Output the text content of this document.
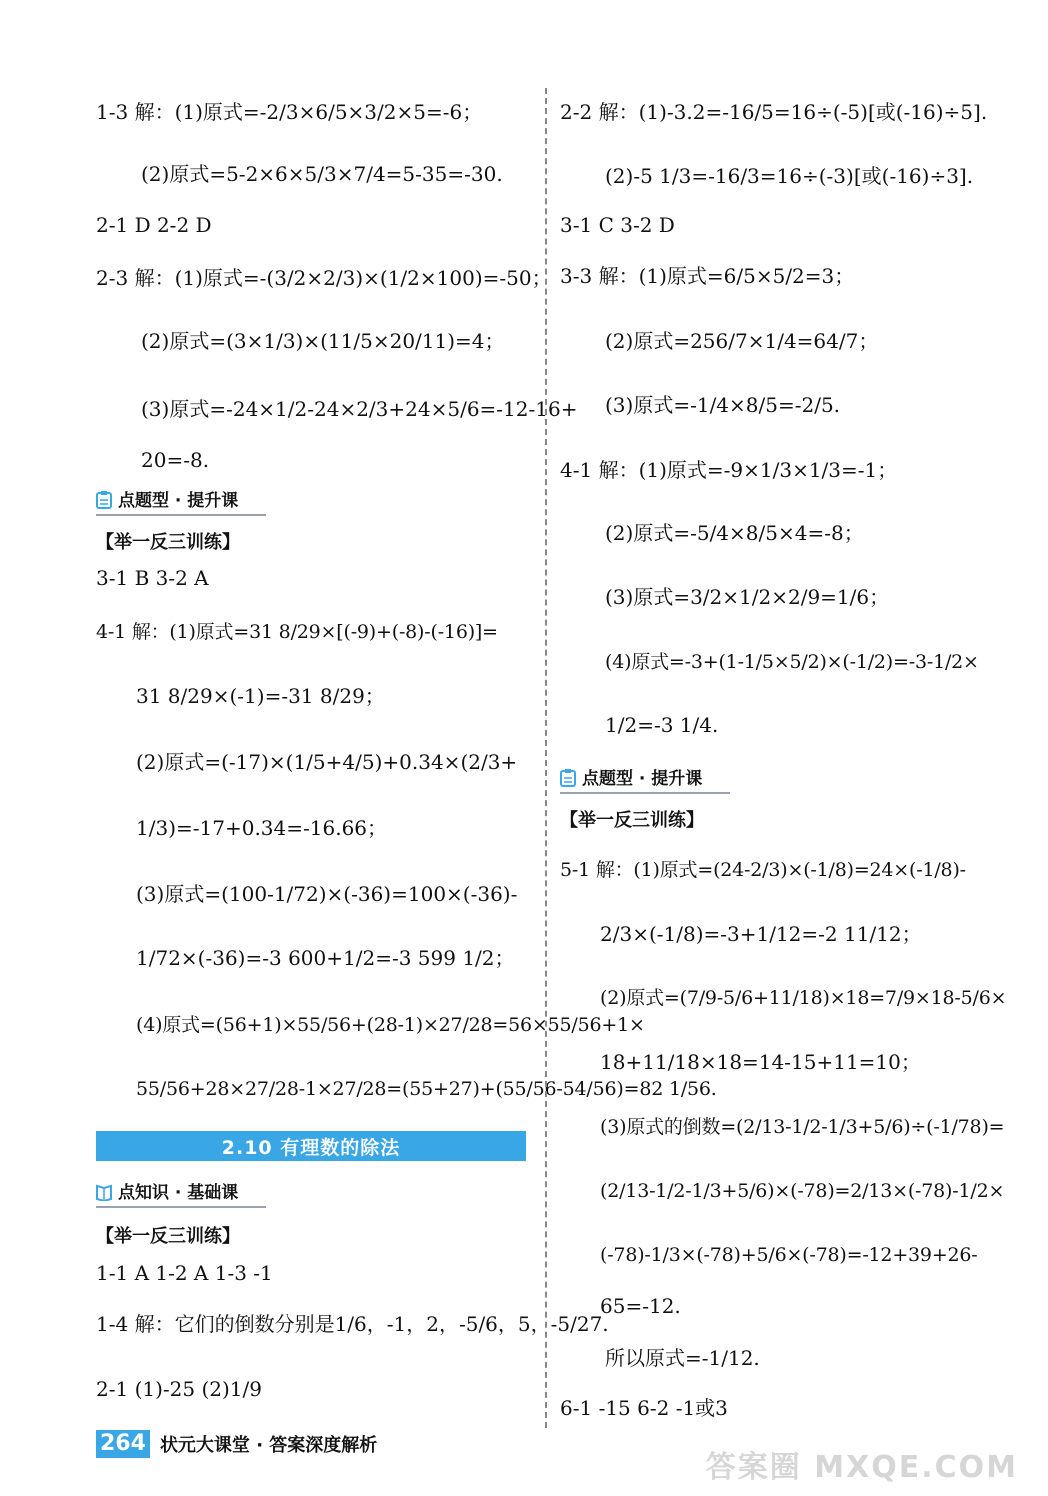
1-3 解：(1)原式=-2/3×6/5×3/2×5=-6；
(2)原式=5-2×6×5/3×7/4=5-35=-30.
2-1 D 2-2 D
2-3 解：(1)原式=-(3/2×2/3)×(1/2×100)=-50；
(2)原式=(3×1/3)×(11/5×20/11)=4；
(3)原式=-24×1/2-24×2/3+24×5/6=-12-16+
20=-8.
点题型 · 提升课
【举一反三训练】
3-1 B 3-2 A
4-1 解：(1)原式=31 8/29×[(-9)+(-8)-(-16)]=
31 8/29×(-1)=-31 8/29；
(2)原式=(-17)×(1/5+4/5)+0.34×(2/3+
1/3)=-17+0.34=-16.66；
(3)原式=(100-1/72)×(-36)=100×(-36)-
1/72×(-36)=-3 600+1/2=-3 599 1/2；
(4)原式=(56+1)×55/56+(28-1)×27/28=56×55/56+1×
55/56+28×27/28-1×27/28=(55+27)+(55/56-54/56)=82 1/56.
2.10 有理数的除法
点知识 · 基础课
【举一反三训练】
1-1 A 1-2 A 1-3 -1
1-4 解：它们的倒数分别是1/6，-1，2，-5/6，5，-5/27.
2-1 (1)-25 (2)1/9
2-2 解：(1)-3.2=-16/5=16÷(-5)[或(-16)÷5].
(2)-5 1/3=-16/3=16÷(-3)[或(-16)÷3].
3-1 C 3-2 D
3-3 解：(1)原式=6/5×5/2=3；
(2)原式=256/7×1/4=64/7；
(3)原式=-1/4×8/5=-2/5.
4-1 解：(1)原式=-9×1/3×1/3=-1；
(2)原式=-5/4×8/5×4=-8；
(3)原式=3/2×1/2×2/9=1/6；
(4)原式=-3+(1-1/5×5/2)×(-1/2)=-3-1/2×
1/2=-3 1/4.
点题型 · 提升课
【举一反三训练】
5-1 解：(1)原式=(24-2/3)×(-1/8)=24×(-1/8)-
2/3×(-1/8)=-3+1/12=-2 11/12；
(2)原式=(7/9-5/6+11/18)×18=7/9×18-5/6×
18+11/18×18=14-15+11=10；
(3)原式的倒数=(2/13-1/2-1/3+5/6)÷(-1/78)=
(2/13-1/2-1/3+5/6)×(-78)=2/13×(-78)-1/2×
(-78)-1/3×(-78)+5/6×(-78)=-12+39+26-
65=-12.
所以原式=-1/12.
6-1 -15 6-2 -1或3
264 状元大课堂 · 答案深度解析
答案圈 MXQE.COM
